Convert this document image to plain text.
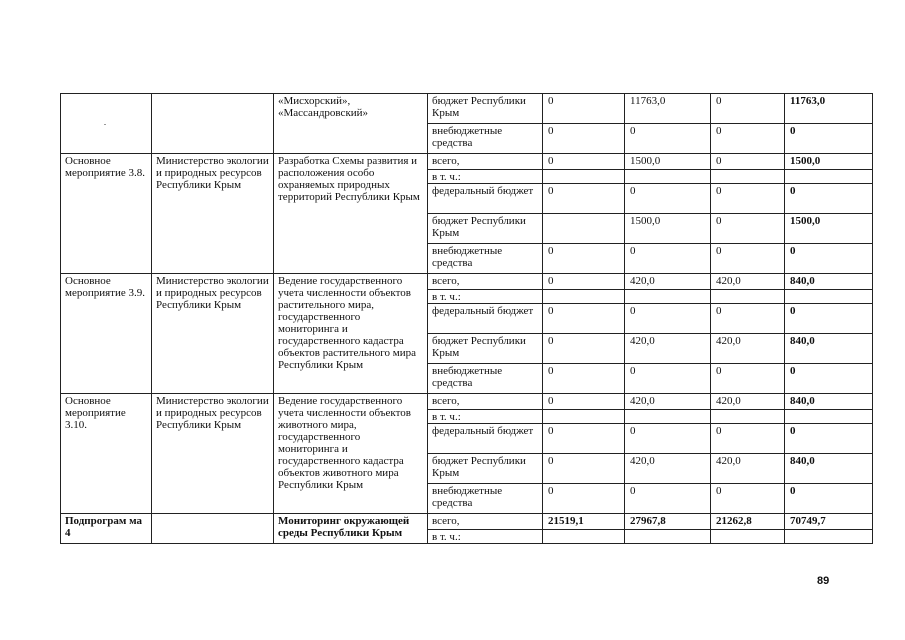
		«Мисхорский», «Массандровский»	бюджет Республики Крым	0	11763,0	0	11763,0
			внебюджетные средства	0	0	0	0
Основное мероприятие 3.8.	Министерство экологии и природных ресурсов Республики Крым	Разработка Схемы развития и расположения особо охраняемых природных территорий Республики Крым	всего,	0	1500,0	0	1500,0
			в т. ч.:				
			федеральный бюджет	0	0	0	0
			бюджет Республики Крым		1500,0	0	1500,0
			внебюджетные средства	0	0	0	0
Основное мероприятие 3.9.	Министерство экологии и природных ресурсов Республики Крым	Ведение государственного учета численности объектов растительного мира, государственного мониторинга и государственного кадастра объектов растительного мира Республики Крым	всего,	0	420,0	420,0	840,0
			в т. ч.:				
			федеральный бюджет	0	0	0	0
			бюджет Республики Крым	0	420,0	420,0	840,0
			внебюджетные средства	0	0	0	0
Основное мероприятие 3.10.	Министерство экологии и природных ресурсов Республики Крым	Ведение государственного учета численности объектов животного мира, государственного мониторинга и государственного кадастра объектов животного мира Республики Крым	всего,	0	420,0	420,0	840,0
			в т. ч.:				
			федеральный бюджет	0	0	0	0
			бюджет Республики Крым	0	420,0	420,0	840,0
			внебюджетные средства	0	0	0	0
Подпрограм ма 4		Мониторинг окружающей среды Республики Крым	всего,	21519,1	27967,8	21262,8	70749,7
			в т. ч.:				
89
